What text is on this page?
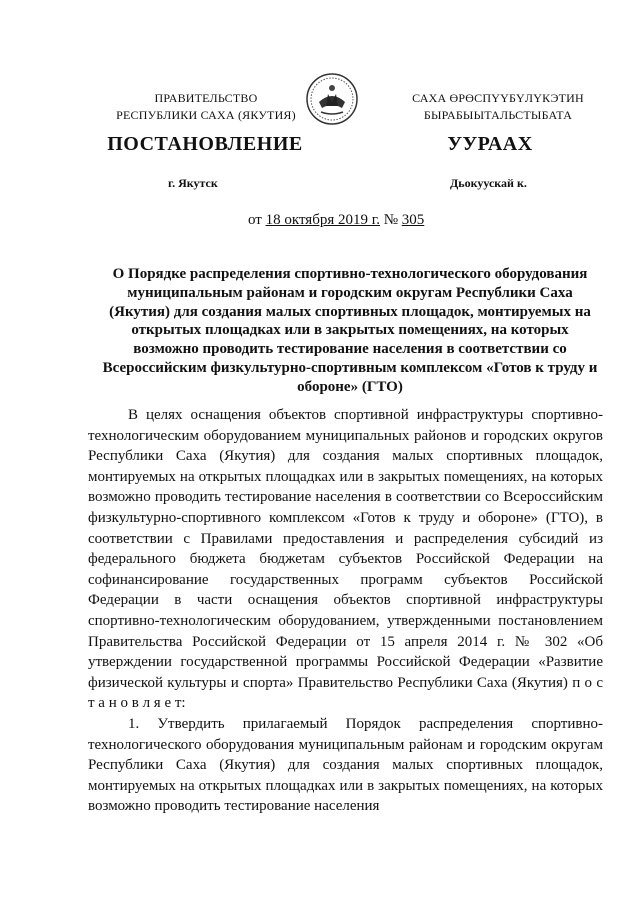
ПРАВИТЕЛЬСТВО
РЕСПУБЛИКИ САХА (ЯКУТИЯ)
САХА ӨРӨСПҮҮБҮЛҮКЭТИН
БЫРАБЫЫТАЛЬСТЫБАТА
ПОСТАНОВЛЕНИЕ	УУРААХ
г. Якутск	Дьокуускай к.
от 18 октября 2019 г. № 305
О Порядке распределения спортивно-технологического оборудования муниципальным районам и городским округам Республики Саха (Якутия) для создания малых спортивных площадок, монтируемых на открытых площадках или в закрытых помещениях, на которых возможно проводить тестирование населения в соответствии со Всероссийским физкультурно-спортивным комплексом «Готов к труду и обороне» (ГТО)

В целях оснащения объектов спортивной инфраструктуры спортивно-технологическим оборудованием муниципальных районов и городских округов Республики Саха (Якутия) для создания малых спортивных площадок, монтируемых на открытых площадках или в закрытых помещениях, на которых возможно проводить тестирование населения в соответствии со Всероссийским физкультурно-спортивного комплексом «Готов к труду и обороне» (ГТО), в соответствии с Правилами предоставления и распределения субсидий из федерального бюджета бюджетам субъектов Российской Федерации на софинансирование государственных программ субъектов Российской Федерации в части оснащения объектов спортивной инфраструктуры спортивно-технологическим оборудованием, утвержденными постановлением Правительства Российской Федерации от 15 апреля 2014 г. № 302 «Об утверждении государственной программы Российской Федерации «Развитие физической культуры и спорта» Правительство Республики Саха (Якутия) п о с т а н о в л я е т:

1. Утвердить прилагаемый Порядок распределения спортивно-технологического оборудования муниципальным районам и городским округам Республики Саха (Якутия) для создания малых спортивных площадок, монтируемых на открытых площадках или в закрытых помещениях, на которых возможно проводить тестирование населения
